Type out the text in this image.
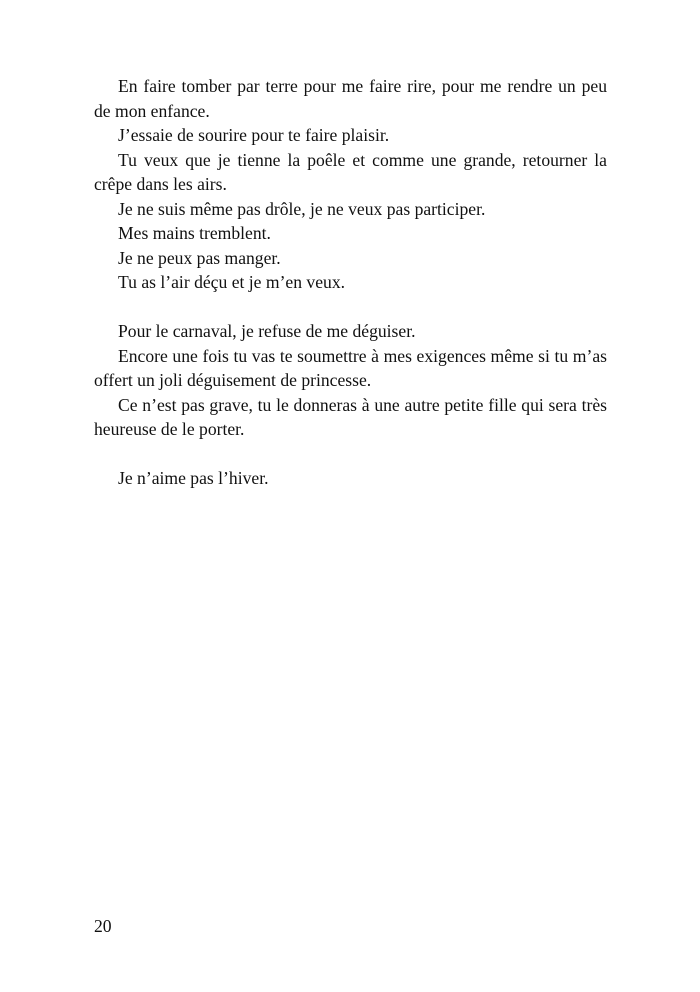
En faire tomber par terre pour me faire rire, pour me rendre un peu de mon enfance.

J’essaie de sourire pour te faire plaisir.

Tu veux que je tienne la poêle et comme une grande, retourner la crêpe dans les airs.

Je ne suis même pas drôle, je ne veux pas participer.

Mes mains tremblent.

Je ne peux pas manger.

Tu as l’air déçu et je m’en veux.

Pour le carnaval, je refuse de me déguiser.

Encore une fois tu vas te soumettre à mes exigences même si tu m’as offert un joli déguisement de princesse.

Ce n’est pas grave, tu le donneras à une autre petite fille qui sera très heureuse de le porter.

Je n’aime pas l’hiver.

20
